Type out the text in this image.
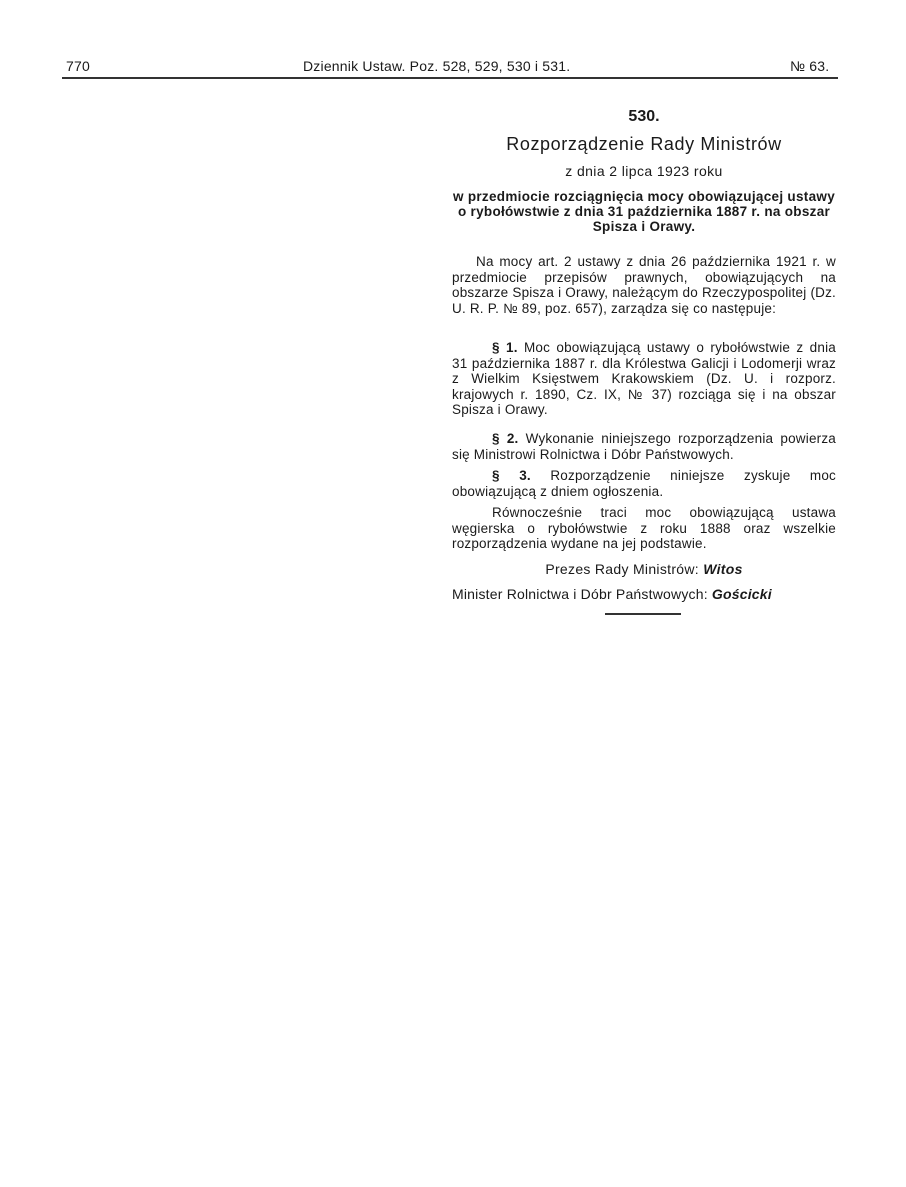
770	Dziennik Ustaw. Poz. 528, 529, 530 i 531.	№ 63.
530.
Rozporządzenie Rady Ministrów
z dnia 2 lipca 1923 roku
w przedmiocie rozciągnięcia mocy obowiązującej ustawy o rybołówstwie z dnia 31 października 1887 r. na obszar Spisza i Orawy.

Na mocy art. 2 ustawy z dnia 26 października 1921 r. w przedmiocie przepisów prawnych, obowiązujących na obszarze Spisza i Orawy, należącym do Rzeczypospolitej (Dz. U. R. P. № 89, poz. 657), zarządza się co następuje:

§ 1. Moc obowiązującą ustawy o rybołówstwie z dnia 31 października 1887 r. dla Królestwa Galicji i Lodomerji wraz z Wielkim Księstwem Krakowskiem (Dz. U. i rozporz. krajowych r. 1890, Cz. IX, № 37) rozciąga się i na obszar Spisza i Orawy.

§ 2. Wykonanie niniejszego rozporządzenia powierza się Ministrowi Rolnictwa i Dóbr Państwowych.

§ 3. Rozporządzenie niniejsze zyskuje moc obowiązującą z dniem ogłoszenia.

Równocześnie traci moc obowiązującą ustawa węgierska o rybołówstwie z roku 1888 oraz wszelkie rozporządzenia wydane na jej podstawie.

Prezes Rady Ministrów: Witos
Minister Rolnictwa i Dóbr Państwowych: Gościcki
